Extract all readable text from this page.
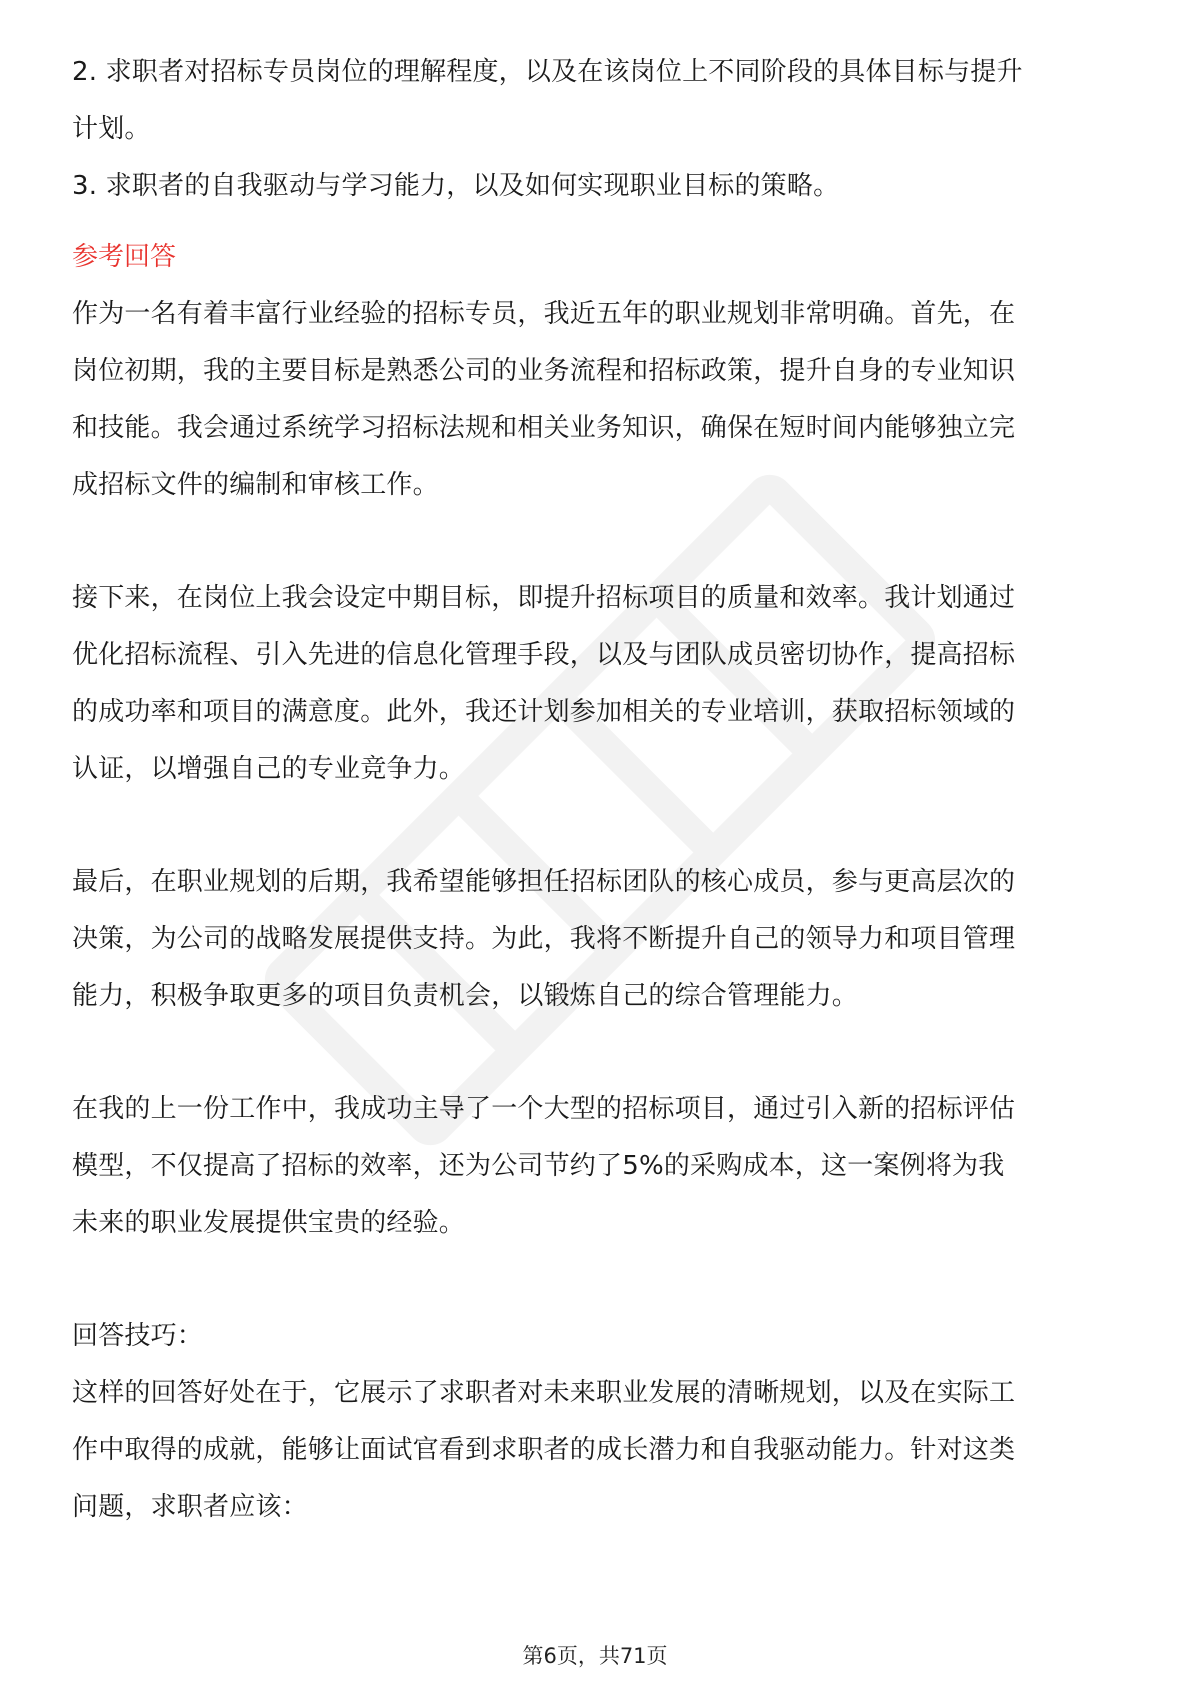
2. 求职者对招标专员岗位的理解程度，以及在该岗位上不同阶段的具体目标与提升
计划。
3. 求职者的自我驱动与学习能力，以及如何实现职业目标的策略。
参考回答
作为一名有着丰富行业经验的招标专员，我近五年的职业规划非常明确。首先，在
岗位初期，我的主要目标是熟悉公司的业务流程和招标政策，提升自身的专业知识
和技能。我会通过系统学习招标法规和相关业务知识，确保在短时间内能够独立完
成招标文件的编制和审核工作。
接下来，在岗位上我会设定中期目标，即提升招标项目的质量和效率。我计划通过
优化招标流程、引入先进的信息化管理手段，以及与团队成员密切协作，提高招标
的成功率和项目的满意度。此外，我还计划参加相关的专业培训，获取招标领域的
认证，以增强自己的专业竞争力。
最后，在职业规划的后期，我希望能够担任招标团队的核心成员，参与更高层次的
决策，为公司的战略发展提供支持。为此，我将不断提升自己的领导力和项目管理
能力，积极争取更多的项目负责机会，以锻炼自己的综合管理能力。
在我的上一份工作中，我成功主导了一个大型的招标项目，通过引入新的招标评估
模型，不仅提高了招标的效率，还为公司节约了5%的采购成本，这一案例将为我
未来的职业发展提供宝贵的经验。
回答技巧：
这样的回答好处在于，它展示了求职者对未来职业发展的清晰规划，以及在实际工
作中取得的成就，能够让面试官看到求职者的成长潜力和自我驱动能力。针对这类
问题，求职者应该：
第6页，共71页
